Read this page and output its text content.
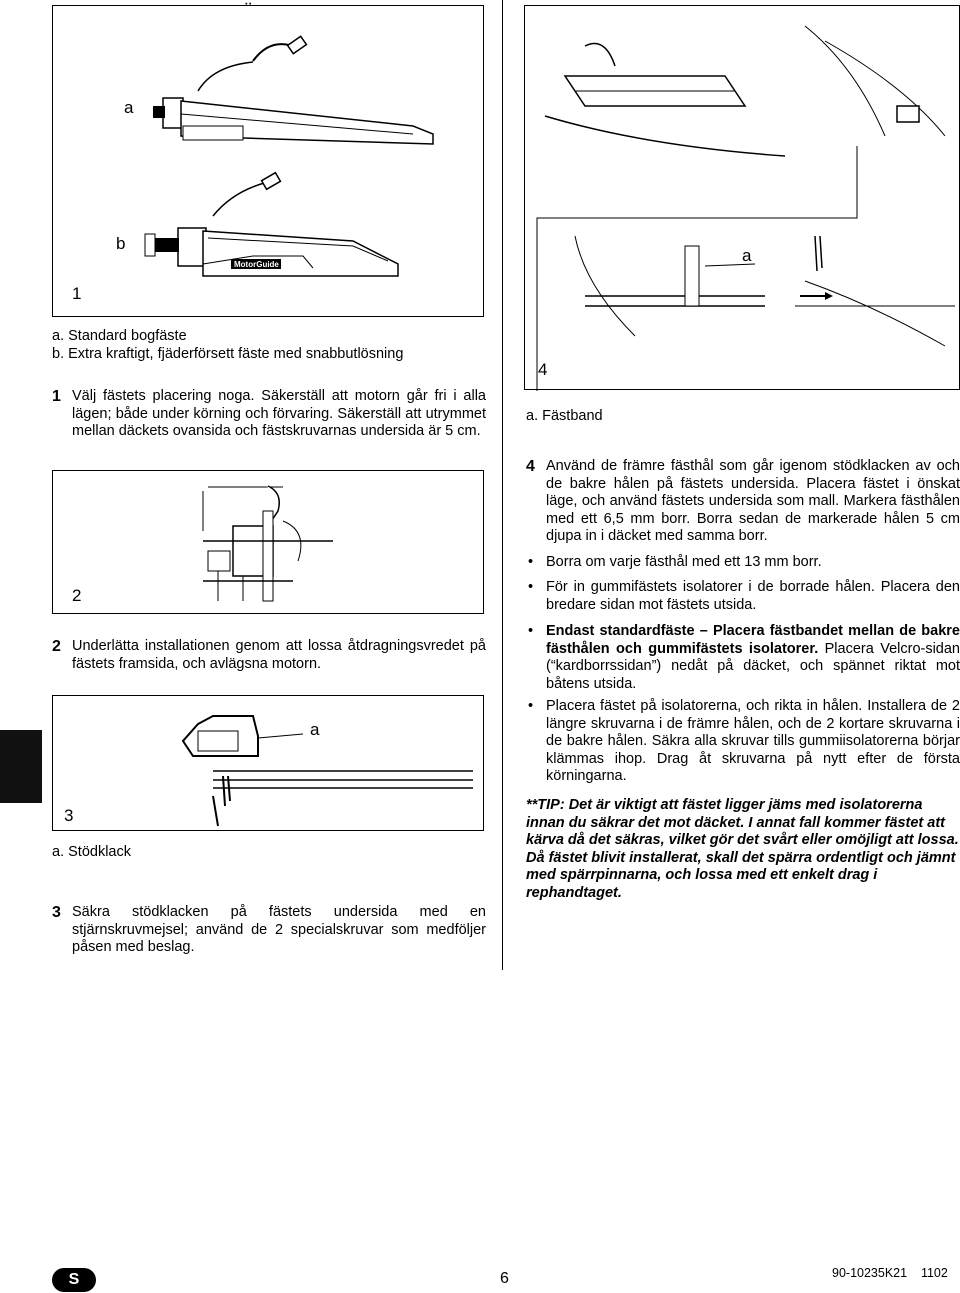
MotorGuide
a
b
1
a. Standard bogfäste
b. Extra kraftigt, fjäderförsett fäste med snabbutlösning
1 Välj fästets placering noga. Säkerställ att motorn går fri i alla lägen; både under körning och förvaring. Säkerställ att utrymmet mellan däckets ovansida och fästskruvarnas undersida är 5 cm.
2
2 Underlätta installationen genom att lossa åtdragningsvredet på fästets framsida, och avlägsna motorn.
a
3
a. Stödklack
3 Säkra stödklacken på fästets undersida med en stjärnskruvmejsel; använd de 2 specialskruvar som medföljer påsen med beslag.
a
4
a. Fästband
4 Använd de främre fästhål som går igenom stödklacken av och de bakre hålen på fästets undersida. Placera fästet i önskat läge, och använd fästets undersida som mall. Markera fästhålen med ett 6,5 mm borr. Borra sedan de markerade hålen 5 cm djupa in i däcket med samma borr.
• Borra om varje fästhål med ett 13 mm borr.
• För in gummifästets isolatorer i de borrade hålen. Placera den bredare sidan mot fästets utsida.
• Endast standardfäste – Placera fästbandet mellan de bakre fästhålen och gummifästets isolatorer. Placera Velcro-sidan (“kardborrssidan”) nedåt på däcket, och spännet riktat mot båtens utsida.
• Placera fästet på isolatorerna, och rikta in hålen. Installera de 2 längre skruvarna i de främre hålen, och de 2 kortare skruvarna i de bakre hålen. Säkra alla skruvar tills gummiisolatorerna börjar klämmas ihop. Drag åt skruvarna på nytt efter de första körningarna.
**TIP: Det är viktigt att fästet ligger jäms med isolatorerna innan du säkrar det mot däcket. I annat fall kommer fästet att kärva då det säkras, vilket gör det svårt eller omöjligt att lossa. Då fästet blivit installerat, skall det spärra ordentligt och jämnt med spärrpinnarna, och lossa med ett enkelt drag i rephandtaget.
S	6	90-10235K21    1102
